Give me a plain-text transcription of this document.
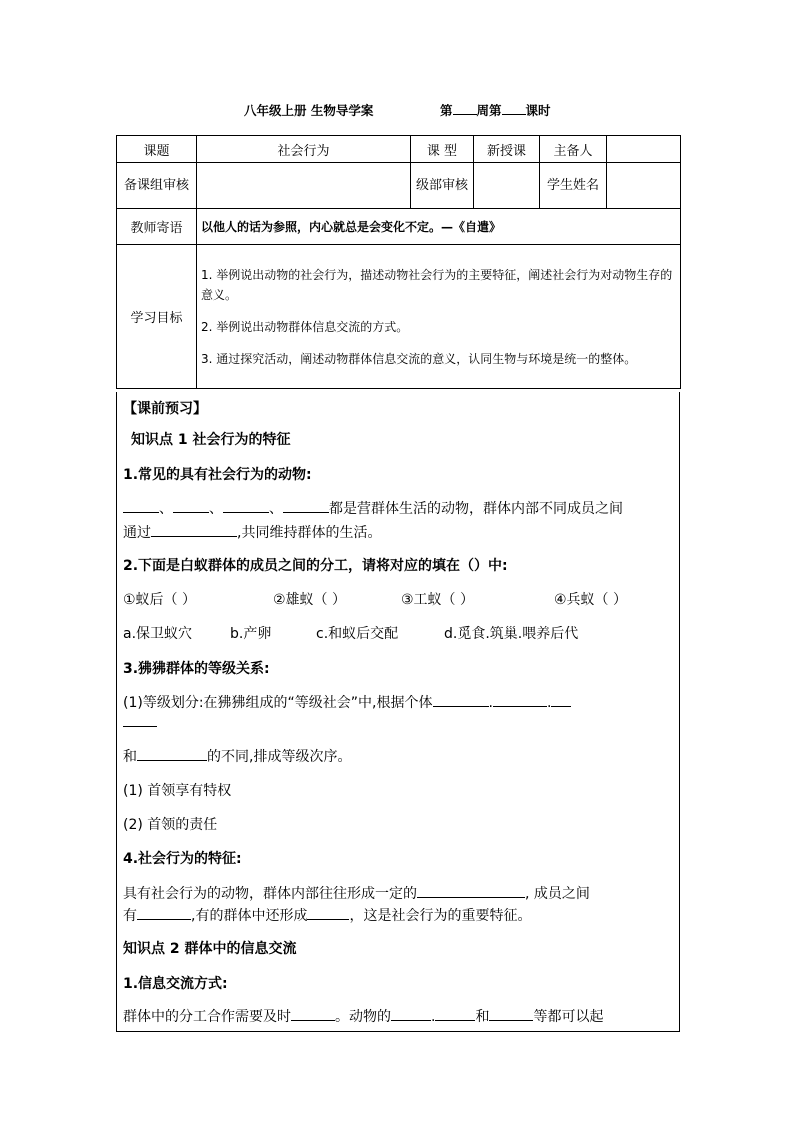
八年级上册 生物导学案	第 周第 课时
课题	社会行为	课 型	新授课	主备人	
备课组审核		级部审核		学生姓名	
教师寄语	以他人的话为参照，内心就总是会变化不定。—《自遣》				
学习目标	1. 举例说出动物的社会行为，描述动物社会行为的主要特征，阐述社会行为对动物生存的意义。

2. 举例说出动物群体信息交流的方式。

3. 通过探究活动，阐述动物群体信息交流的意义，认同生物与环境是统一的整体。				

【课前预习】
知识点 1 社会行为的特征
1.常见的具有社会行为的动物:
、	、	、	都是营群体生活的动物，群体内部不同成员之间
通过	,共同维持群体的生活。
2.下面是白蚁群体的成员之间的分工，请将对应的填在（）中:
①蚁后（ ）	②雄蚁（ ）	③工蚁（ ）	④兵蚁（ ）
a.保卫蚁穴	b.产卵	c.和蚁后交配	d.觅食.筑巢.喂养后代
3.狒狒群体的等级关系:
(1)等级划分:在狒狒组成的“等级社会”中,根据个体	.	.
和	的不同,排成等级次序。
(1) 首领享有特权
(2) 首领的责任
4.社会行为的特征:
具有社会行为的动物，群体内部往往形成一定的	, 成员之间
有	,有的群体中还形成	，这是社会行为的重要特征。
知识点 2 群体中的信息交流
1.信息交流方式:
群体中的分工合作需要及时	。动物的	.	和	等都可以起
